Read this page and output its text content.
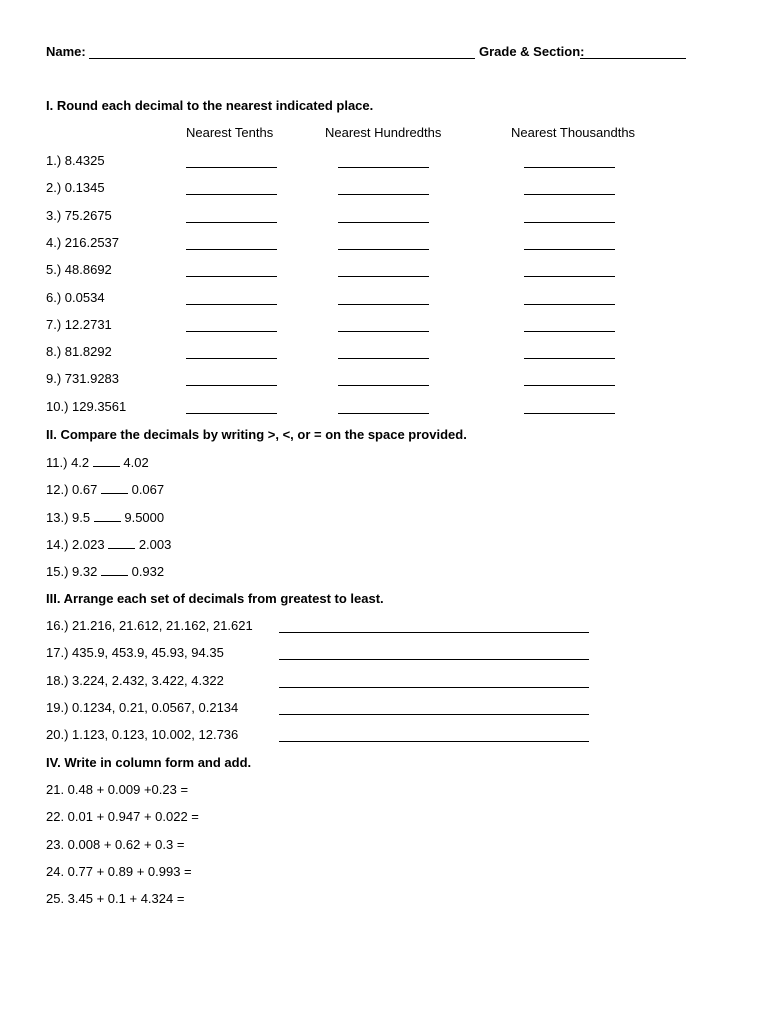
Name:	Grade & Section:
I. Round each decimal to the nearest indicated place.
Nearest Tenths	Nearest Hundredths	Nearest Thousandths
1.) 8.4325
2.) 0.1345
3.) 75.2675
4.) 216.2537
5.) 48.8692
6.) 0.0534
7.) 12.2731
8.) 81.8292
9.) 731.9283
10.) 129.3561
II. Compare the decimals by writing >, <, or = on the space provided.
11.) 4.2	4.02
12.) 0.67	0.067
13.) 9.5	9.5000
14.) 2.023	2.003
15.) 9.32	0.932
III. Arrange each set of decimals from greatest to least.
16.) 21.216, 21.612, 21.162, 21.621
17.) 435.9, 453.9, 45.93, 94.35
18.) 3.224, 2.432, 3.422, 4.322
19.) 0.1234, 0.21, 0.0567, 0.2134
20.) 1.123, 0.123, 10.002, 12.736
IV. Write in column form and add.
21. 0.48 + 0.009 +0.23 =
22. 0.01 + 0.947 + 0.022 =
23. 0.008 + 0.62 + 0.3 =
24. 0.77 + 0.89 + 0.993 =
25. 3.45 + 0.1 + 4.324 =
